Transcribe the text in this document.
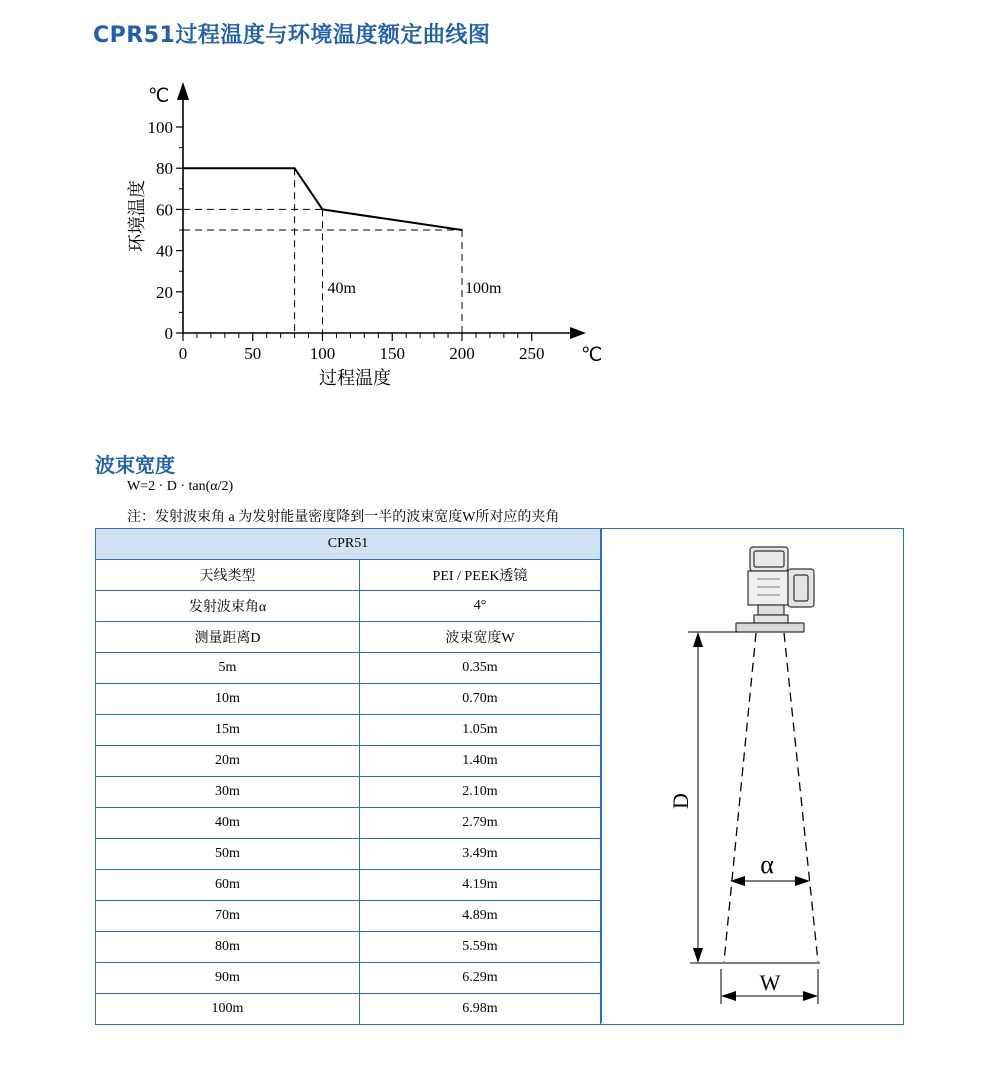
CPR51过程温度与环境温度额定曲线图
℃
℃
过程温度
环境温度
0
20
40
60
80
100
0	50	100	150	200	250
40m	100m
波束宽度
W=2 · D · tan(α/2)
注：发射波束角 a 为发射能量密度降到一半的波束宽度W所对应的夹角
CPR51	
天线类型	PEI / PEEK透镜
发射波束角α	4°
测量距离D	波束宽度W
5m	0.35m
10m	0.70m
15m	1.05m
20m	1.40m
30m	2.10m
40m	2.79m
50m	3.49m
60m	4.19m
70m	4.89m
80m	5.59m
90m	6.29m
100m	6.98m
D
α
W
